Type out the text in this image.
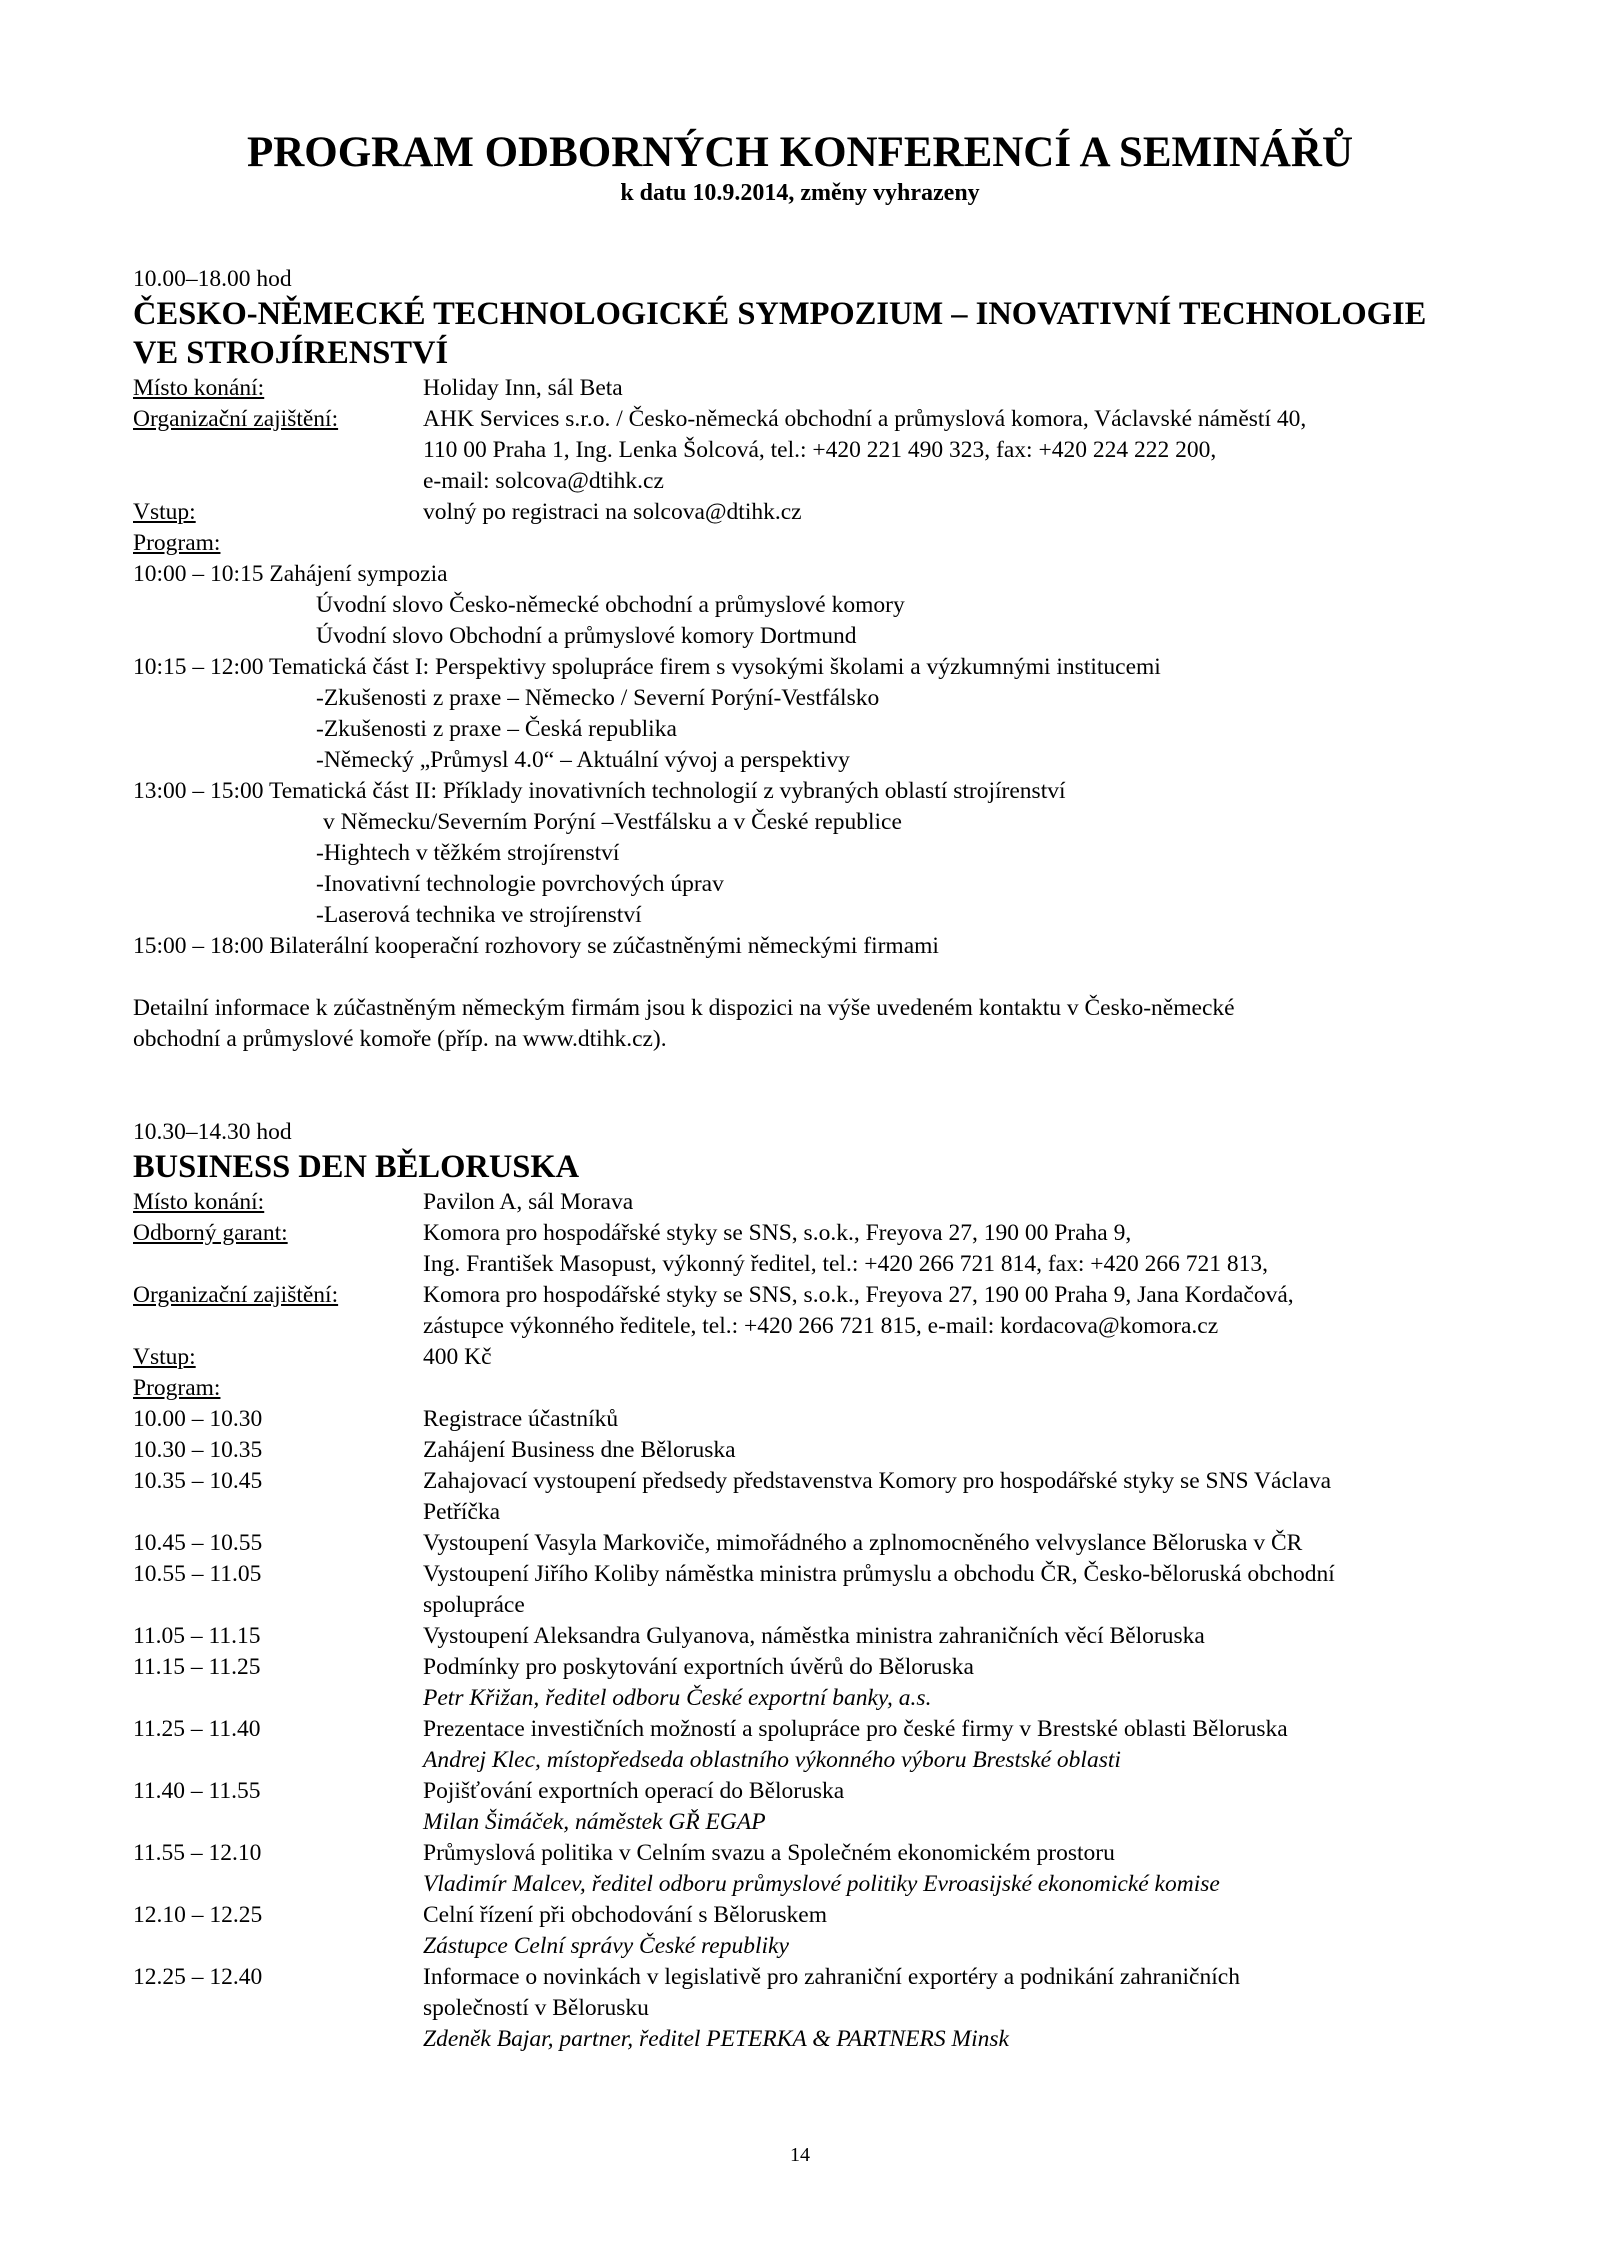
PROGRAM ODBORNÝCH KONFERENCÍ A SEMINÁŘŮ
k datu 10.9.2014, změny vyhrazeny

10.00–18.00 hod

ČESKO-NĚMECKÉ TECHNOLOGICKÉ SYMPOZIUM – INOVATIVNÍ TECHNOLOGIE

VE STROJÍRENSTVÍ

Místo konání:	Holiday Inn, sál Beta
Organizační zajištění:	AHK Services s.r.o. / Česko-německá obchodní a průmyslová komora, Václavské náměstí 40,
110 00 Praha 1, Ing. Lenka Šolcová, tel.: +420 221 490 323, fax: +420 224 222 200,
e-mail: solcova@dtihk.cz
Vstup:	volný po registraci na solcova@dtihk.cz
Program:
10:00 – 10:15 Zahájení sympozia
Úvodní slovo Česko-německé obchodní a průmyslové komory
Úvodní slovo Obchodní a průmyslové komory Dortmund
10:15 – 12:00 Tematická část I: Perspektivy spolupráce firem s vysokými školami a výzkumnými institucemi
-Zkušenosti z praxe – Německo / Severní Porýní-Vestfálsko
-Zkušenosti z praxe – Česká republika
-Německý „Průmysl 4.0“ – Aktuální vývoj a perspektivy
13:00 – 15:00 Tematická část II: Příklady inovativních technologií z vybraných oblastí strojírenství
v Německu/Severním Porýní –Vestfálsku a v České republice
-Hightech v těžkém strojírenství
-Inovativní technologie povrchových úprav
-Laserová technika ve strojírenství
15:00 – 18:00 Bilaterální kooperační rozhovory se zúčastněnými německými firmami
Detailní informace k zúčastněným německým firmám jsou k dispozici na výše uvedeném kontaktu v Česko-německé
obchodní a průmyslové komoře (příp. na www.dtihk.cz).

10.30–14.30 hod

BUSINESS DEN BĚLORUSKA

Místo konání:	Pavilon A, sál Morava
Odborný garant:	Komora pro hospodářské styky se SNS, s.o.k., Freyova 27, 190 00 Praha 9,
Ing. František Masopust, výkonný ředitel, tel.: +420 266 721 814, fax: +420 266 721 813,
Organizační zajištění:	Komora pro hospodářské styky se SNS, s.o.k., Freyova 27, 190 00 Praha 9, Jana Kordačová,
zástupce výkonného ředitele, tel.: +420 266 721 815, e-mail: kordacova@komora.cz
Vstup:	400 Kč
Program:
10.00 – 10.30	Registrace účastníků
10.30 – 10.35	Zahájení Business dne Běloruska
10.35 – 10.45	Zahajovací vystoupení předsedy představenstva Komory pro hospodářské styky se SNS Václava
Petříčka
10.45 – 10.55	Vystoupení Vasyla Markoviče, mimořádného a zplnomocněného velvyslance Běloruska v ČR
10.55 – 11.05	Vystoupení Jiřího Koliby náměstka ministra průmyslu a obchodu ČR, Česko-běloruská obchodní
spolupráce
11.05 – 11.15	Vystoupení Aleksandra Gulyanova, náměstka ministra zahraničních věcí Běloruska
11.15 – 11.25	Podmínky pro poskytování exportních úvěrů do Běloruska
Petr Křižan, ředitel odboru České exportní banky, a.s.
11.25 – 11.40	Prezentace investičních možností a spolupráce pro české firmy v Brestské oblasti Běloruska
Andrej Klec, místopředseda oblastního výkonného výboru Brestské oblasti
11.40 – 11.55	Pojišťování exportních operací do Běloruska
Milan Šimáček, náměstek GŘ EGAP
11.55 – 12.10	Průmyslová politika v Celním svazu a Společném ekonomickém prostoru
Vladimír Malcev, ředitel odboru průmyslové politiky Evroasijské ekonomické komise
12.10 – 12.25	Celní řízení při obchodování s Běloruskem
Zástupce Celní správy České republiky
12.25 – 12.40	Informace o novinkách v legislativě pro zahraniční exportéry a podnikání zahraničních
společností v Bělorusku
Zdeněk Bajar, partner, ředitel PETERKA & PARTNERS Minsk
14
